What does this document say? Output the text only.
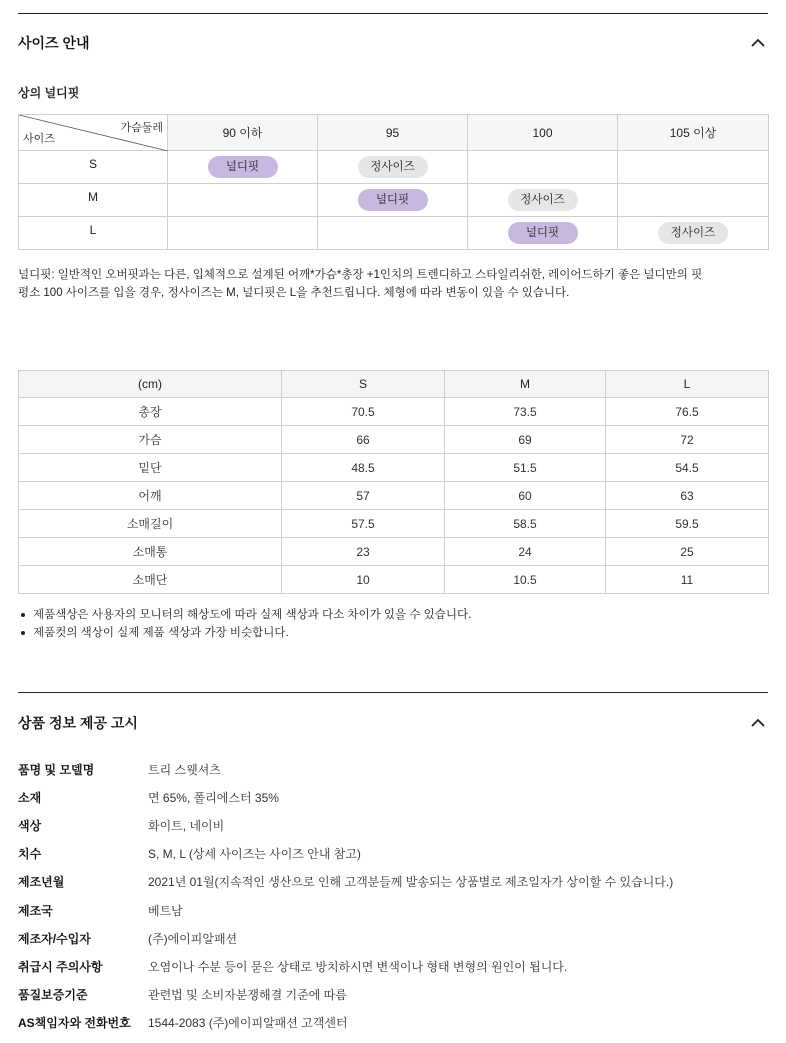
사이즈 안내
상의 널디핏
가슴둘레
사이즈	90 이하	95	100	105 이상
S	널디핏	정사이즈		
M		널디핏	정사이즈	
L			널디핏	정사이즈
널디핏: 일반적인 오버핏과는 다른, 입체적으로 설계된 어깨*가슴*총장 +1인치의 트렌디하고 스타일리쉬한, 레이어드하기 좋은 널디만의 핏
평소 100 사이즈를 입을 경우, 정사이즈는 M, 널디핏은 L을 추천드립니다. 체형에 따라 변동이 있을 수 있습니다.
(cm)	S	M	L
총장	70.5	73.5	76.5
가슴	66	69	72
밑단	48.5	51.5	54.5
어깨	57	60	63
소매길이	57.5	58.5	59.5
소매통	23	24	25
소매단	10	10.5	11
제품색상은 사용자의 모니터의 해상도에 따라 실제 색상과 다소 차이가 있을 수 있습니다.
제품컷의 색상이 실제 제품 색상과 가장 비슷합니다.
상품 정보 제공 고시
품명 및 모델명	트리 스웻셔츠
소재	면 65%, 폴리에스터 35%
색상	화이트, 네이비
치수	S, M, L (상세 사이즈는 사이즈 안내 참고)
제조년월	2021년 01월(지속적인 생산으로 인해 고객분들께 발송되는 상품별로 제조일자가 상이할 수 있습니다.)
제조국	베트남
제조자/수입자	(주)에이피알패션
취급시 주의사항	오염이나 수분 등이 묻은 상태로 방치하시면 변색이나 형태 변형의 원인이 됩니다.
품질보증기준	관련법 및 소비자분쟁해결 기준에 따름
AS책임자와 전화번호	1544-2083 (주)에이피알패션 고객센터
